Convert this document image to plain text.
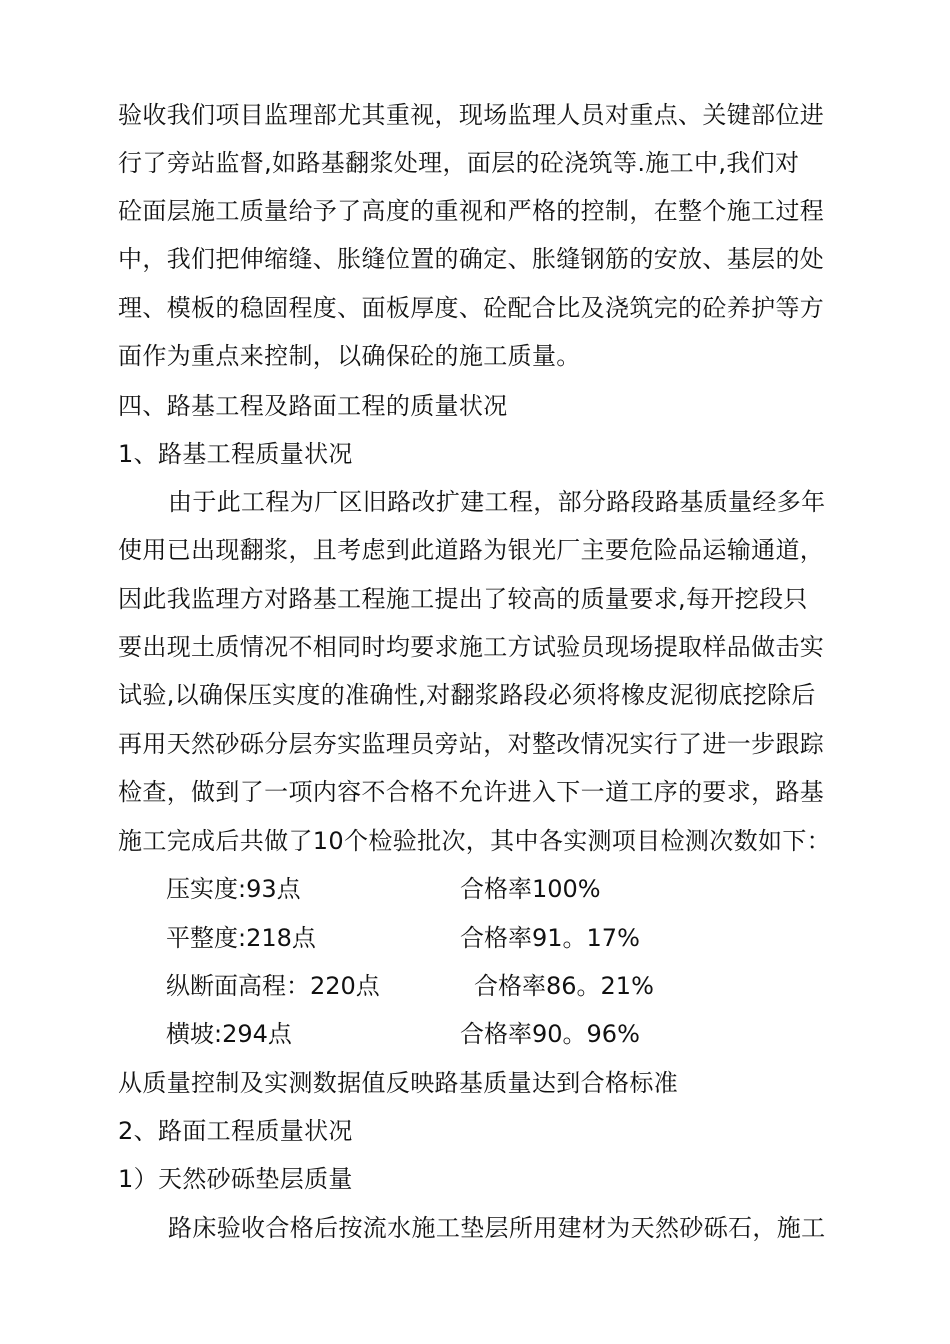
验收我们项目监理部尤其重视，现场监理人员对重点、关键部位进
行了旁站监督,如路基翻浆处理，面层的砼浇筑等.施工中,我们对
砼面层施工质量给予了高度的重视和严格的控制，在整个施工过程
中，我们把伸缩缝、胀缝位置的确定、胀缝钢筋的安放、基层的处
理、模板的稳固程度、面板厚度、砼配合比及浇筑完的砼养护等方
面作为重点来控制，以确保砼的施工质量。
四、路基工程及路面工程的质量状况
1、路基工程质量状况
由于此工程为厂区旧路改扩建工程，部分路段路基质量经多年
使用已出现翻浆，且考虑到此道路为银光厂主要危险品运输通道，
因此我监理方对路基工程施工提出了较高的质量要求,每开挖段只
要出现土质情况不相同时均要求施工方试验员现场提取样品做击实
试验,以确保压实度的准确性,对翻浆路段必须将橡皮泥彻底挖除后
再用天然砂砾分层夯实监理员旁站，对整改情况实行了进一步跟踪
检查，做到了一项内容不合格不允许进入下一道工序的要求，路基
施工完成后共做了10个检验批次，其中各实测项目检测次数如下：
压实度:93点	合格率100%
平整度:218点	合格率91。17%
纵断面高程：220点	合格率86。21%
横坡:294点	合格率90。96%
从质量控制及实测数据值反映路基质量达到合格标准
2、路面工程质量状况
1）天然砂砾垫层质量
路床验收合格后按流水施工垫层所用建材为天然砂砾石，施工
